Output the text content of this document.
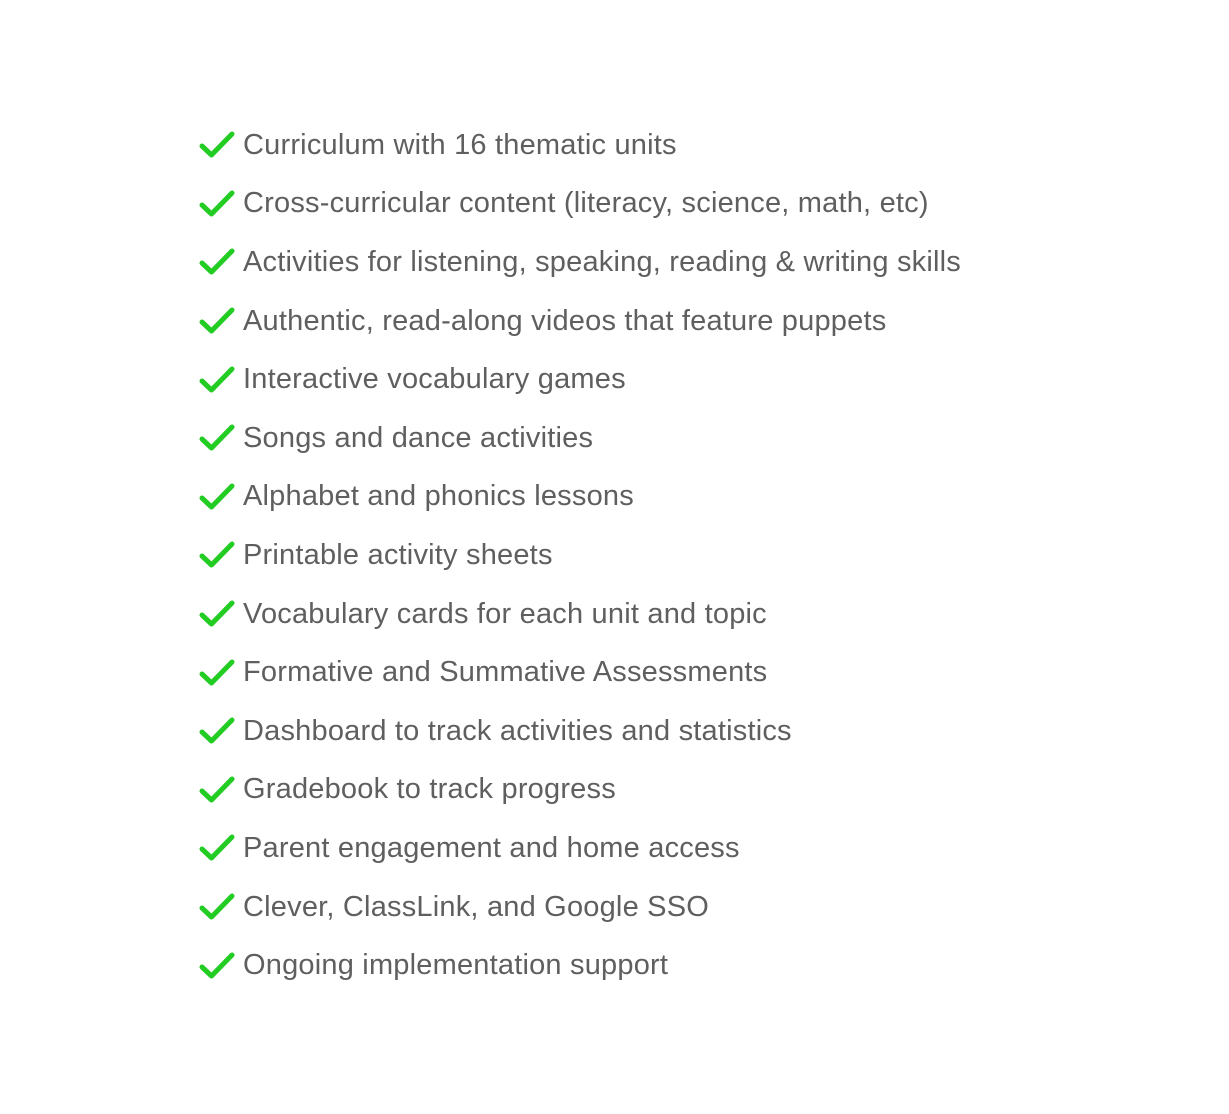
Curriculum with 16 thematic units
Cross-curricular content (literacy, science, math, etc)
Activities for listening, speaking, reading & writing skills
Authentic, read-along videos that feature puppets
Interactive vocabulary games
Songs and dance activities
Alphabet and phonics lessons
Printable activity sheets
Vocabulary cards for each unit and topic
Formative and Summative Assessments
Dashboard to track activities and statistics
Gradebook to track progress
Parent engagement and home access
Clever, ClassLink, and Google SSO
Ongoing implementation support
